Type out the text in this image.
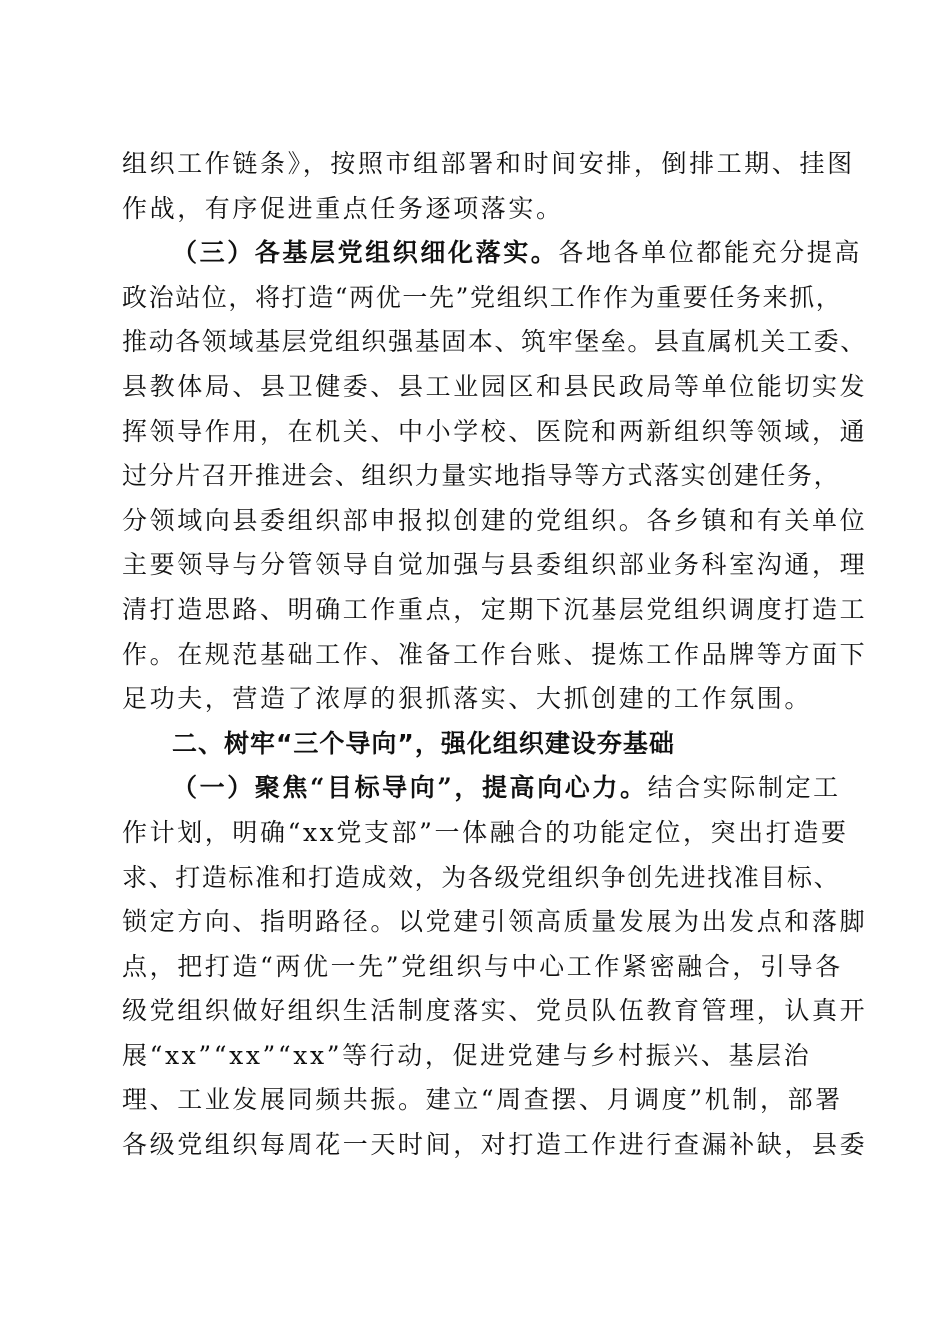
组织工作链条》，按照市组部署和时间安排，倒排工期、挂图
作战，有序促进重点任务逐项落实。
（三）各基层党组织细化落实。各地各单位都能充分提高
政治站位，将打造“两优一先”党组织工作作为重要任务来抓，
推动各领域基层党组织强基固本、筑牢堡垒。县直属机关工委、
县教体局、县卫健委、县工业园区和县民政局等单位能切实发
挥领导作用，在机关、中小学校、医院和两新组织等领域，通
过分片召开推进会、组织力量实地指导等方式落实创建任务，
分领域向县委组织部申报拟创建的党组织。各乡镇和有关单位
主要领导与分管领导自觉加强与县委组织部业务科室沟通，理
清打造思路、明确工作重点，定期下沉基层党组织调度打造工
作。在规范基础工作、准备工作台账、提炼工作品牌等方面下
足功夫，营造了浓厚的狠抓落实、大抓创建的工作氛围。
二、树牢“三个导向”，强化组织建设夯基础
（一）聚焦“目标导向”，提高向心力。结合实际制定工
作计划，明确“xx党支部”一体融合的功能定位，突出打造要
求、打造标准和打造成效，为各级党组织争创先进找准目标、
锁定方向、指明路径。以党建引领高质量发展为出发点和落脚
点，把打造“两优一先”党组织与中心工作紧密融合，引导各
级党组织做好组织生活制度落实、党员队伍教育管理，认真开
展“xx”“xx”“xx”等行动，促进党建与乡村振兴、基层治
理、工业发展同频共振。建立“周查摆、月调度”机制，部署
各级党组织每周花一天时间，对打造工作进行查漏补缺，县委
